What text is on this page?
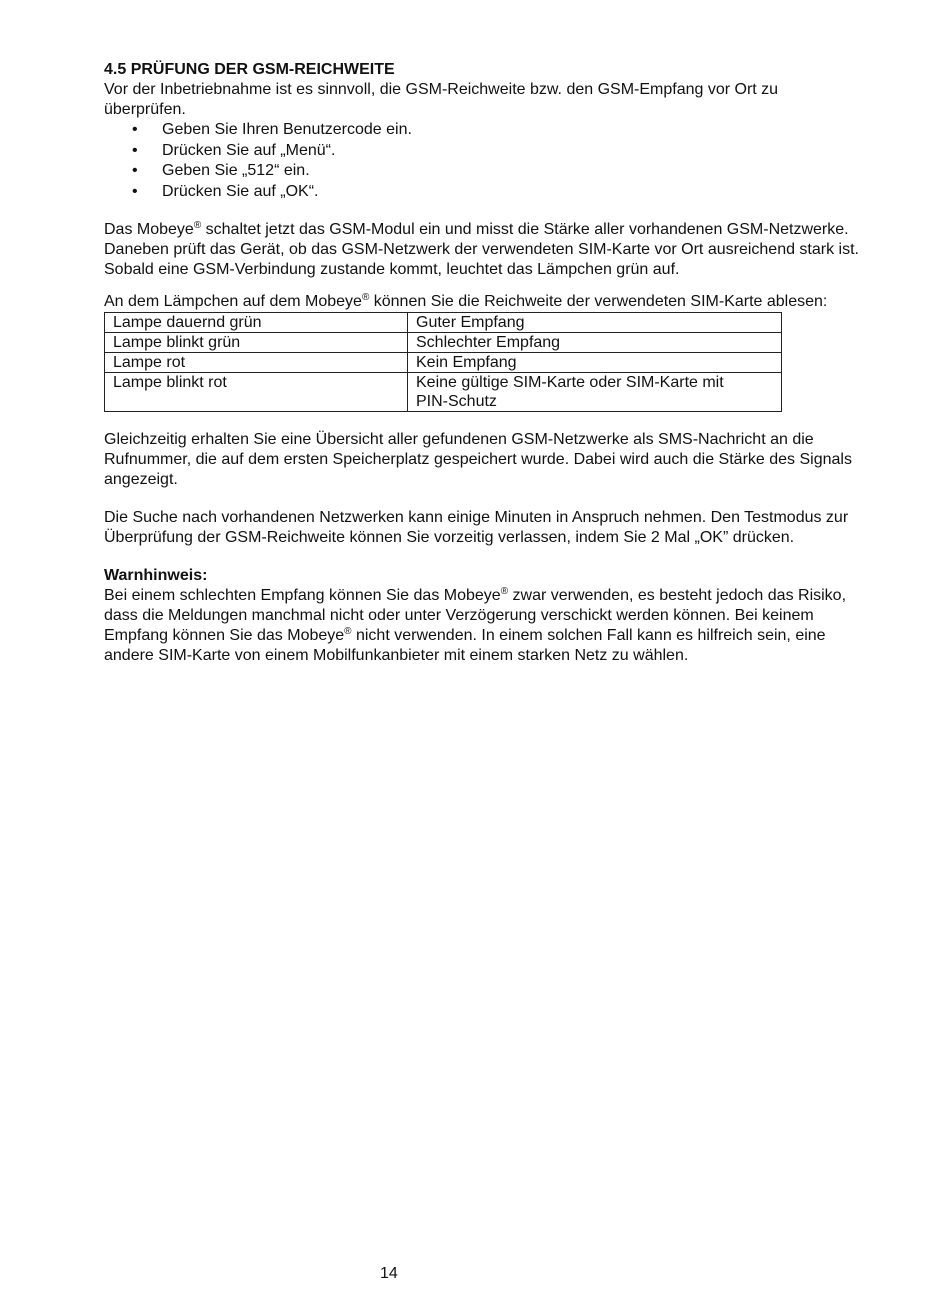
4.5 PRÜFUNG DER GSM-REICHWEITE

Vor der Inbetriebnahme ist es sinnvoll, die GSM-Reichweite bzw. den GSM-Empfang vor Ort zu überprüfen.

• Geben Sie Ihren Benutzercode ein.
• Drücken Sie auf „Menü“.
• Geben Sie „512“ ein.
• Drücken Sie auf „OK“.

Das Mobeye® schaltet jetzt das GSM-Modul ein und misst die Stärke aller vorhandenen GSM-Netzwerke. Daneben prüft das Gerät, ob das GSM-Netzwerk der verwendeten SIM-Karte vor Ort ausreichend stark ist.

Sobald eine GSM-Verbindung zustande kommt, leuchtet das Lämpchen grün auf.

An dem Lämpchen auf dem Mobeye® können Sie die Reichweite der verwendeten SIM-Karte ablesen:

Lampe dauernd grün	Guter Empfang
Lampe blinkt grün	Schlechter Empfang
Lampe rot	Kein Empfang
Lampe blinkt rot	Keine gültige SIM-Karte oder SIM-Karte mit PIN-Schutz

Gleichzeitig erhalten Sie eine Übersicht aller gefundenen GSM-Netzwerke als SMS-Nachricht an die Rufnummer, die auf dem ersten Speicherplatz gespeichert wurde. Dabei wird auch die Stärke des Signals angezeigt.

Die Suche nach vorhandenen Netzwerken kann einige Minuten in Anspruch nehmen. Den Testmodus zur Überprüfung der GSM-Reichweite können Sie vorzeitig verlassen, indem Sie 2 Mal „OK” drücken.

Warnhinweis:

Bei einem schlechten Empfang können Sie das Mobeye® zwar verwenden, es besteht jedoch das Risiko, dass die Meldungen manchmal nicht oder unter Verzögerung verschickt werden können. Bei keinem Empfang können Sie das Mobeye® nicht verwenden. In einem solchen Fall kann es hilfreich sein, eine andere SIM-Karte von einem Mobilfunkanbieter mit einem starken Netz zu wählen.

14
